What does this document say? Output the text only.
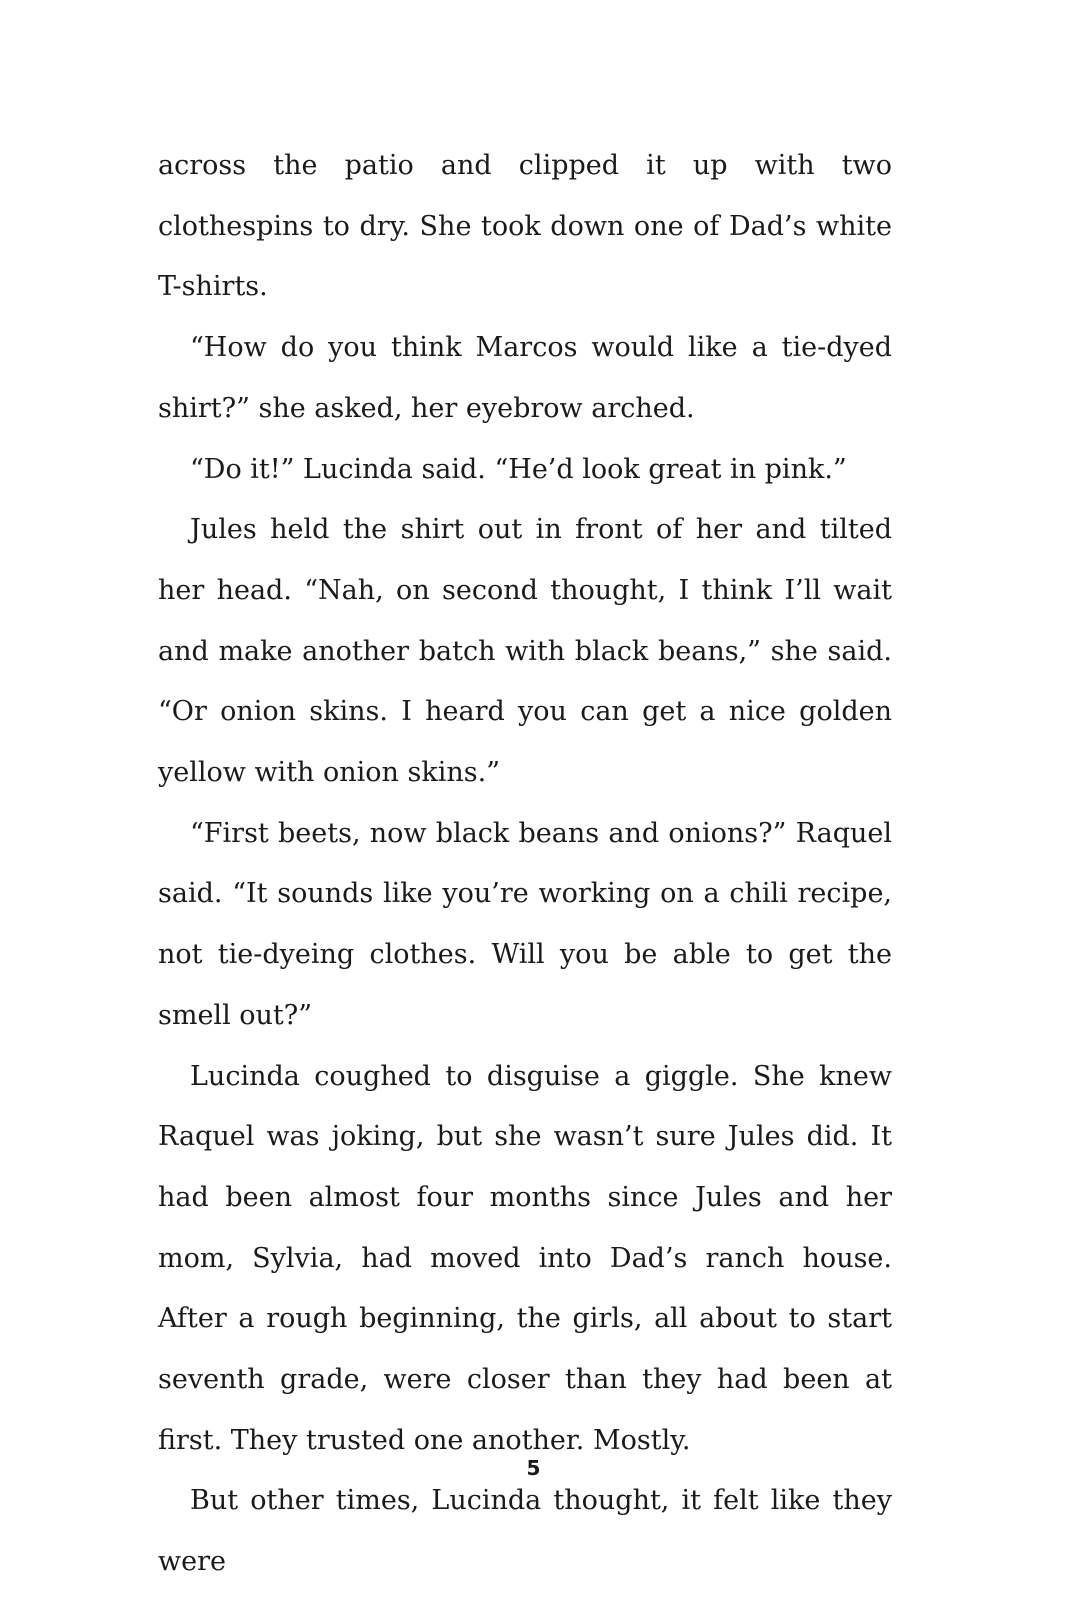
across the patio and clipped it up with two clothespins to dry. She took down one of Dad’s white T-shirts.

“How do you think Marcos would like a tie-dyed shirt?” she asked, her eyebrow arched.

“Do it!” Lucinda said. “He’d look great in pink.”

Jules held the shirt out in front of her and tilted her head. “Nah, on second thought, I think I’ll wait and make another batch with black beans,” she said. “Or onion skins. I heard you can get a nice golden yellow with onion skins.”

“First beets, now black beans and onions?” Raquel said. “It sounds like you’re working on a chili recipe, not tie-dyeing clothes. Will you be able to get the smell out?”

Lucinda coughed to disguise a giggle. She knew Raquel was joking, but she wasn’t sure Jules did. It had been almost four months since Jules and her mom, Sylvia, had moved into Dad’s ranch house. After a rough beginning, the girls, all about to start seventh grade, were closer than they had been at first. They trusted one another. Mostly.

But other times, Lucinda thought, it felt like they were

5
